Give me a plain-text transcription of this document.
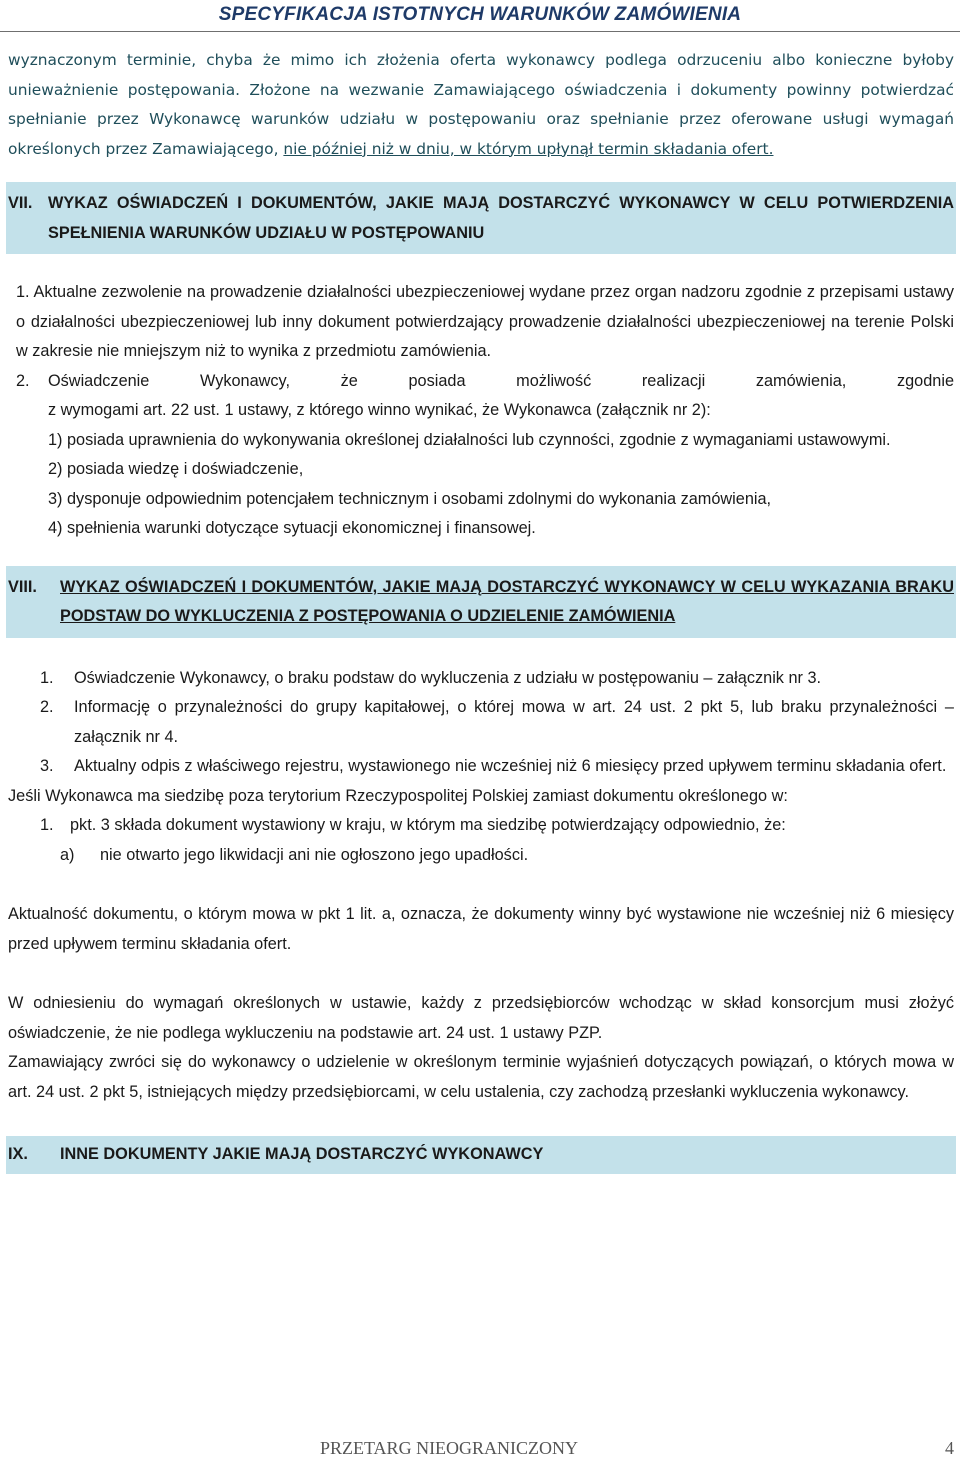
SPECYFIKACJA ISTOTNYCH WARUNKÓW ZAMÓWIENIA

wyznaczonym terminie, chyba że mimo ich złożenia oferta wykonawcy podlega odrzuceniu albo konieczne byłoby unieważnienie postępowania. Złożone na wezwanie Zamawiającego oświadczenia i dokumenty powinny potwierdzać spełnianie przez Wykonawcę warunków udziału w postępowaniu oraz spełnianie przez oferowane usługi wymagań określonych przez Zamawiającego, nie później niż w dniu, w którym upłynął termin składania ofert.

VII. WYKAZ OŚWIADCZEŃ I DOKUMENTÓW, JAKIE MAJĄ DOSTARCZYĆ WYKONAWCY W CELU POTWIERDZENIA SPEŁNIENIA WARUNKÓW UDZIAŁU W POSTĘPOWANIU

1. Aktualne zezwolenie na prowadzenie działalności ubezpieczeniowej wydane przez organ nadzoru zgodnie z przepisami ustawy o działalności ubezpieczeniowej lub inny dokument potwierdzający prowadzenie działalności ubezpieczeniowej na terenie Polski w zakresie nie mniejszym niż to wynika z przedmiotu zamówienia.

2.	Oświadczenie Wykonawcy, że posiada możliwość realizacji zamówienia, zgodnie

z wymogami art. 22 ust. 1 ustawy, z którego winno wynikać, że Wykonawca (załącznik nr 2):

1) posiada uprawnienia do wykonywania określonej działalności lub czynności, zgodnie z wymaganiami ustawowymi.

2) posiada wiedzę i doświadczenie,

3) dysponuje odpowiednim potencjałem technicznym i osobami zdolnymi do wykonania zamówienia,

4) spełnienia warunki dotyczące sytuacji ekonomicznej i finansowej.

VIII.	WYKAZ OŚWIADCZEŃ I DOKUMENTÓW, JAKIE MAJĄ DOSTARCZYĆ WYKONAWCY W CELU WYKAZANIA BRAKU PODSTAW DO WYKLUCZENIA Z POSTĘPOWANIA O UDZIELENIE ZAMÓWIENIA
1.	Oświadczenie Wykonawcy, o braku podstaw do wykluczenia z udziału w postępowaniu – załącznik nr 3.
2.	Informację o przynależności do grupy kapitałowej, o której mowa w art. 24 ust. 2 pkt 5, lub braku przynależności – załącznik nr 4.
3.	Aktualny odpis z właściwego rejestru, wystawionego nie wcześniej niż 6 miesięcy przed upływem terminu składania ofert.

Jeśli Wykonawca ma siedzibę poza terytorium Rzeczypospolitej Polskiej zamiast dokumentu określonego w:

1.	pkt. 3 składa dokument wystawiony w kraju, w którym ma siedzibę potwierdzający odpowiednio, że:
a)	nie otwarto jego likwidacji ani nie ogłoszono jego upadłości.

Aktualność dokumentu, o którym mowa w pkt 1 lit. a, oznacza, że dokumenty winny być wystawione nie wcześniej niż 6 miesięcy przed upływem terminu składania ofert.

W odniesieniu do wymagań określonych w ustawie, każdy z przedsiębiorców wchodząc w skład konsorcjum musi złożyć oświadczenie, że nie podlega wykluczeniu na podstawie art. 24 ust. 1 ustawy PZP.

Zamawiający zwróci się do wykonawcy o udzielenie w określonym terminie wyjaśnień dotyczących powiązań, o których mowa w art. 24 ust. 2 pkt 5, istniejących między przedsiębiorcami, w celu ustalenia, czy zachodzą przesłanki wykluczenia wykonawcy.

IX.	INNE DOKUMENTY JAKIE MAJĄ DOSTARCZYĆ WYKONAWCY
PRZETARG NIEOGRANICZONY	4
